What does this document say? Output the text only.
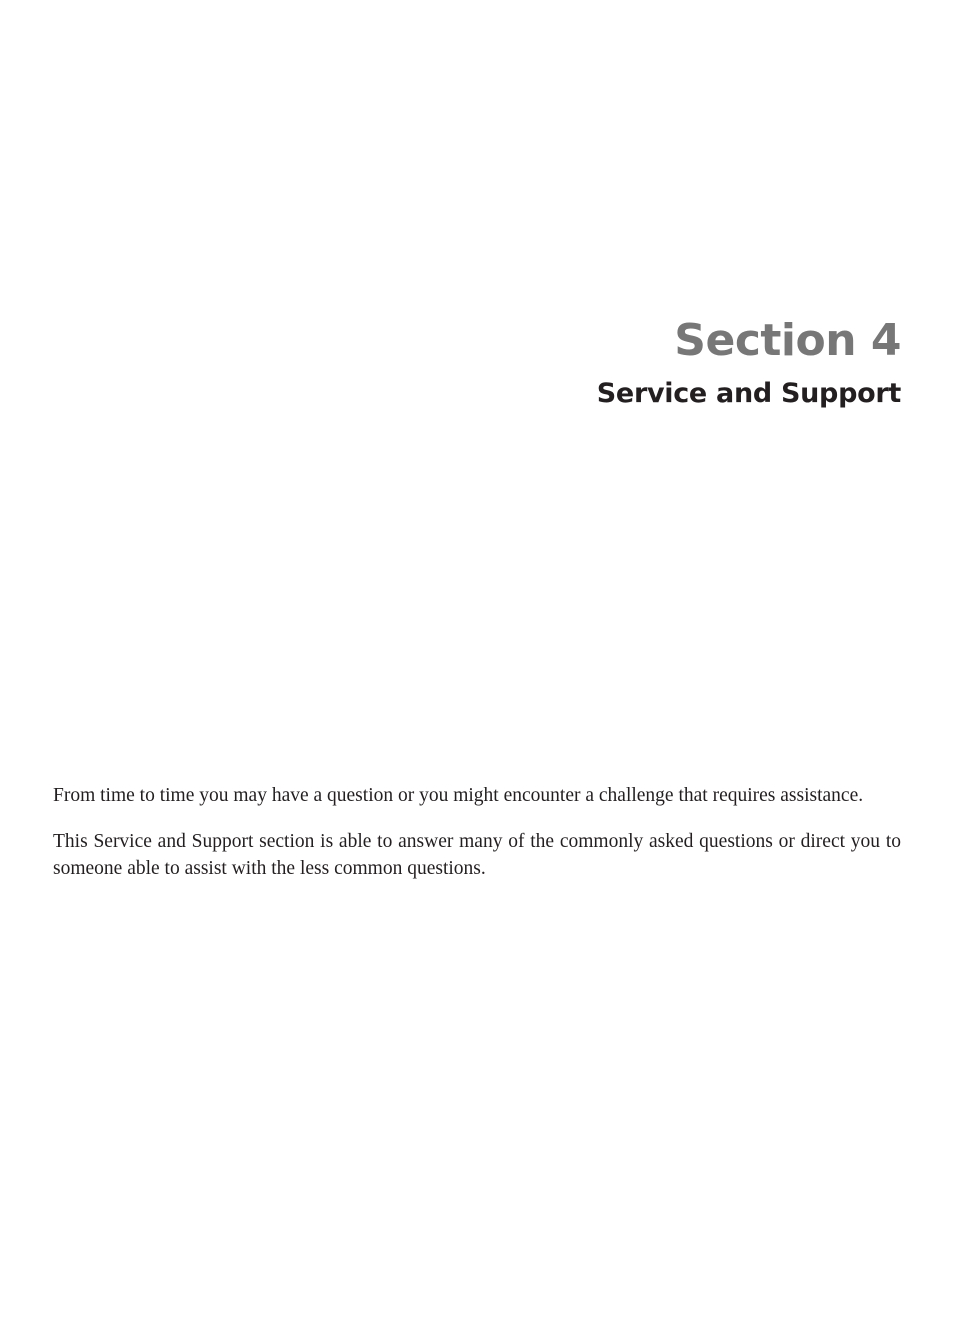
Section 4
Service and Support

From time to time you may have a question or you might encounter a challenge that requires assistance.

This Service and Support section is able to answer many of the commonly asked questions or direct you to someone able to assist with the less common questions.
